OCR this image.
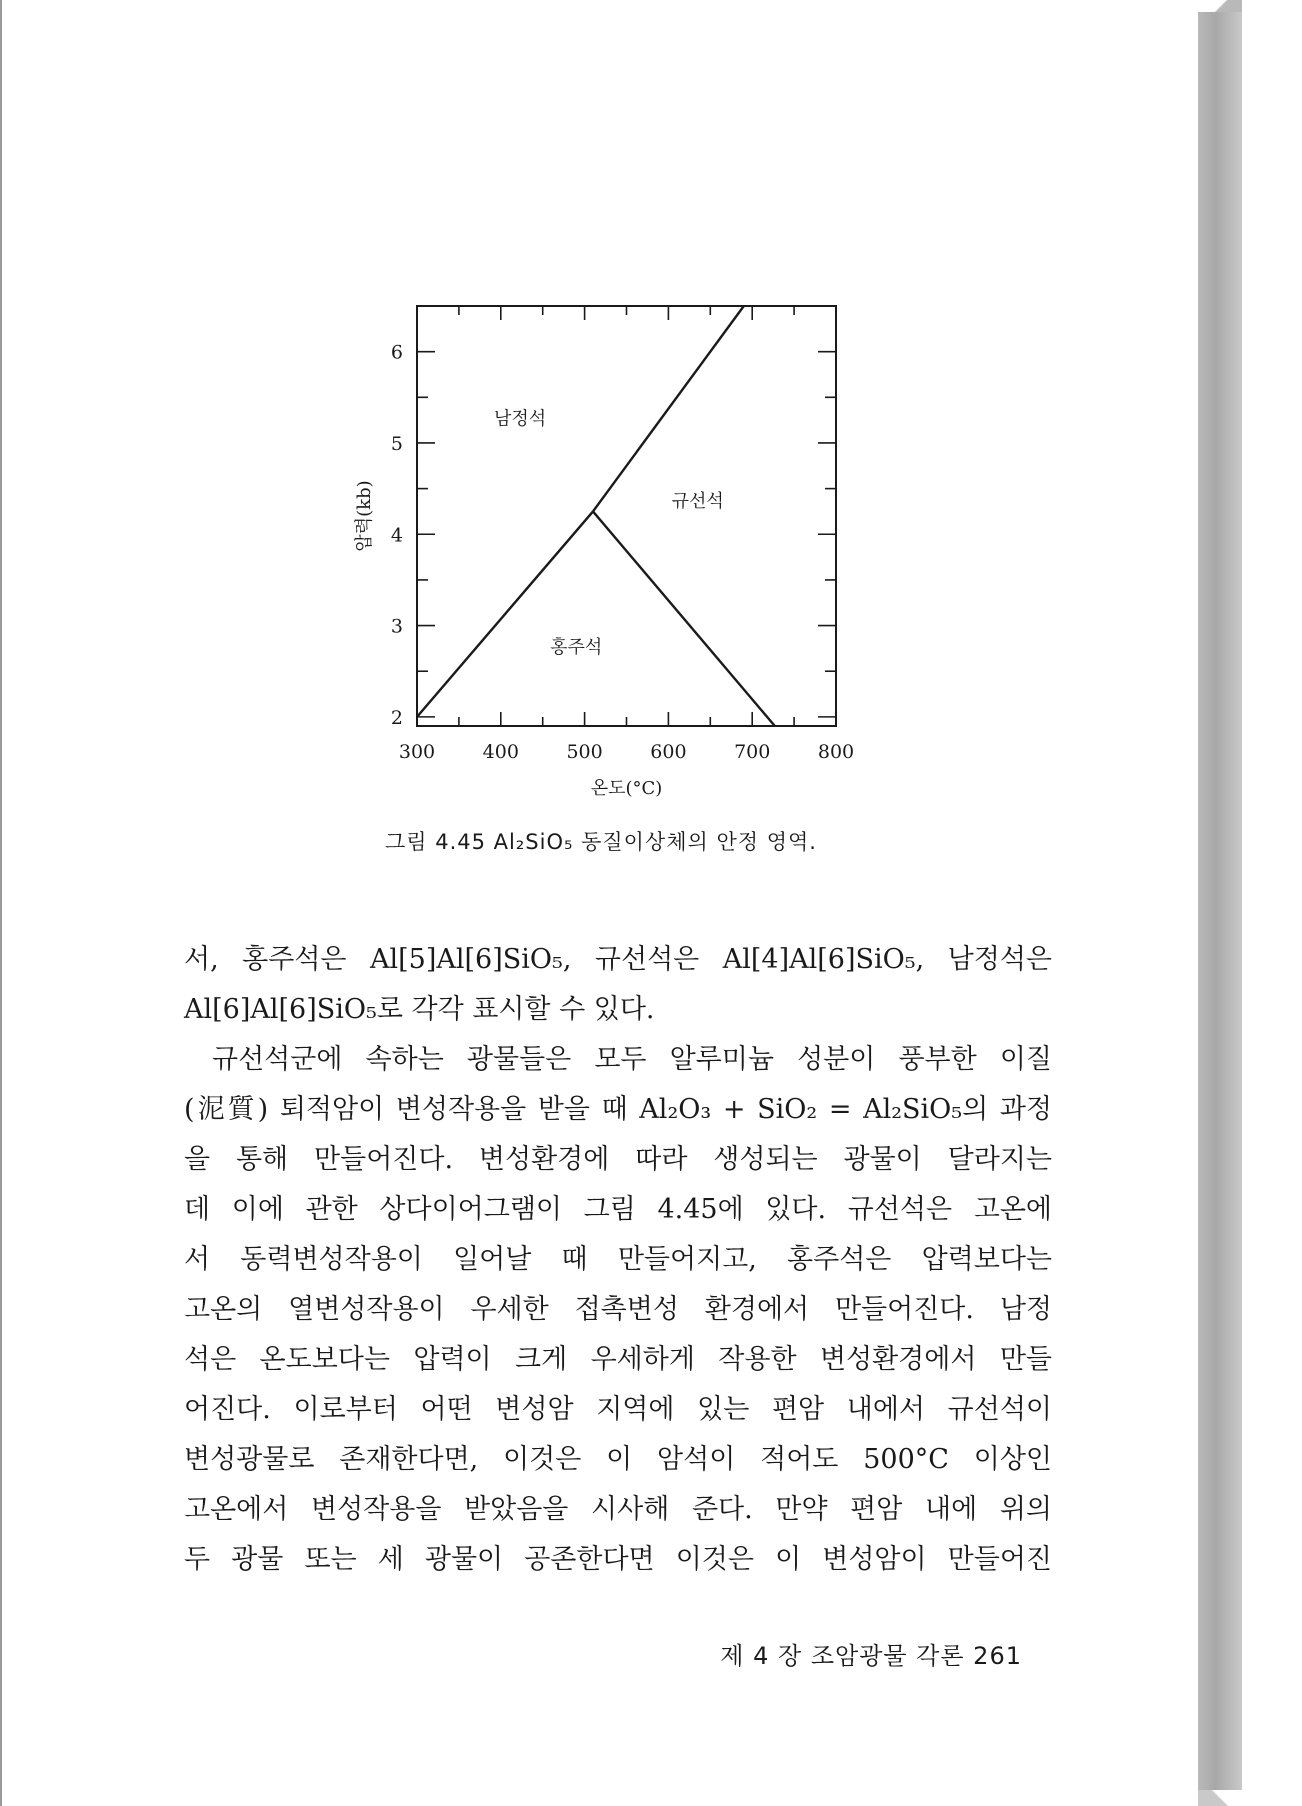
300	400	500	600	700	800
2
3
4
5
6
남정석
규선석
홍주석
온도(°C)
압력(kb)
그림 4.45 Al₂SiO₅ 동질이상체의 안정 영역.

서, 홍주석은 Al[5]Al[6]SiO₅, 규선석은 Al[4]Al[6]SiO₅, 남정석은

Al[6]Al[6]SiO₅로 각각 표시할 수 있다.

규선석군에 속하는 광물들은 모두 알루미늄 성분이 풍부한 이질

(泥質) 퇴적암이 변성작용을 받을 때 Al₂O₃ + SiO₂ = Al₂SiO₅의 과정

을 통해 만들어진다. 변성환경에 따라 생성되는 광물이 달라지는

데 이에 관한 상다이어그램이 그림 4.45에 있다. 규선석은 고온에

서 동력변성작용이 일어날 때 만들어지고, 홍주석은 압력보다는

고온의 열변성작용이 우세한 접촉변성 환경에서 만들어진다. 남정

석은 온도보다는 압력이 크게 우세하게 작용한 변성환경에서 만들

어진다. 이로부터 어떤 변성암 지역에 있는 편암 내에서 규선석이

변성광물로 존재한다면, 이것은 이 암석이 적어도 500°C 이상인

고온에서 변성작용을 받았음을 시사해 준다. 만약 편암 내에 위의

두 광물 또는 세 광물이 공존한다면 이것은 이 변성암이 만들어진

제 4 장 조암광물 각론 261
